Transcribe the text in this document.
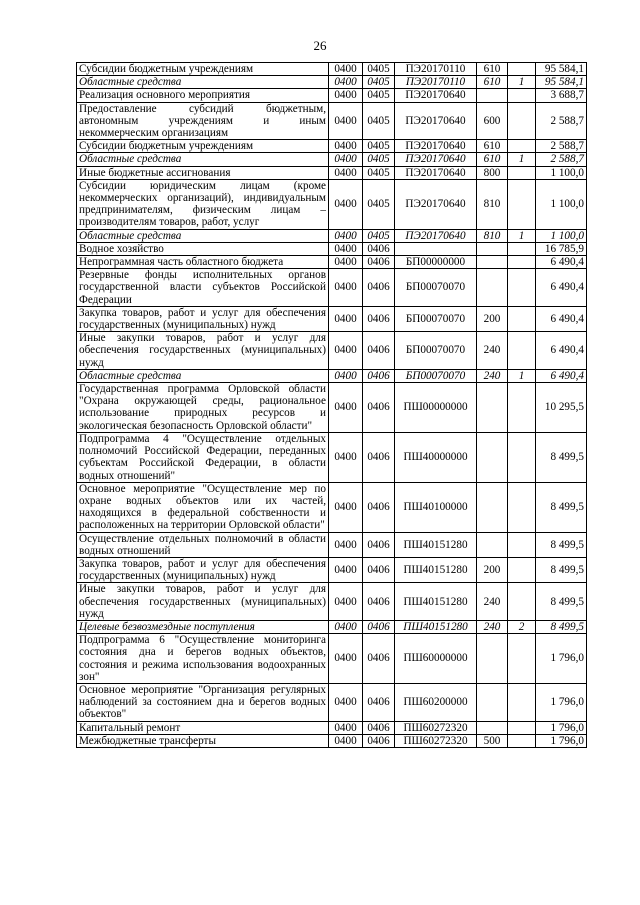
26
Субсидии бюджетным учреждениям	0400	0405	ПЭ20170110	610		95 584,1
Областные средства	0400	0405	ПЭ20170110	610	1	95 584,1
Реализация основного мероприятия	0400	0405	ПЭ20170640			3 688,7
Предоставление субсидий бюджетным, автономным учреждениям и иным некоммерческим организациям	0400	0405	ПЭ20170640	600		2 588,7
Субсидии бюджетным учреждениям	0400	0405	ПЭ20170640	610		2 588,7
Областные средства	0400	0405	ПЭ20170640	610	1	2 588,7
Иные бюджетные ассигнования	0400	0405	ПЭ20170640	800		1 100,0
Субсидии юридическим лицам (кроме некоммерческих организаций), индивидуальным предпринимателям, физическим лицам – производителям товаров, работ, услуг	0400	0405	ПЭ20170640	810		1 100,0
Областные средства	0400	0405	ПЭ20170640	810	1	1 100,0
Водное хозяйство	0400	0406				16 785,9
Непрограммная часть областного бюджета	0400	0406	БП00000000			6 490,4
Резервные фонды исполнительных органов государственной власти субъектов Российской Федерации	0400	0406	БП00070070			6 490,4
Закупка товаров, работ и услуг для обеспечения государственных (муниципальных) нужд	0400	0406	БП00070070	200		6 490,4
Иные закупки товаров, работ и услуг для обеспечения государственных (муниципальных) нужд	0400	0406	БП00070070	240		6 490,4
Областные средства	0400	0406	БП00070070	240	1	6 490,4
Государственная программа Орловской области "Охрана окружающей среды, рациональное использование природных ресурсов и экологическая безопасность Орловской области"	0400	0406	ПШ00000000			10 295,5
Подпрограмма 4 "Осуществление отдельных полномочий Российской Федерации, переданных субъектам Российской Федерации, в области водных отношений"	0400	0406	ПШ40000000			8 499,5
Основное мероприятие "Осуществление мер по охране водных объектов или их частей, находящихся в федеральной собственности и расположенных на территории Орловской области"	0400	0406	ПШ40100000			8 499,5
Осуществление отдельных полномочий в области водных отношений	0400	0406	ПШ40151280			8 499,5
Закупка товаров, работ и услуг для обеспечения государственных (муниципальных) нужд	0400	0406	ПШ40151280	200		8 499,5
Иные закупки товаров, работ и услуг для обеспечения государственных (муниципальных) нужд	0400	0406	ПШ40151280	240		8 499,5
Целевые безвозмездные поступления	0400	0406	ПШ40151280	240	2	8 499,5
Подпрограмма 6 "Осуществление мониторинга состояния дна и берегов водных объектов, состояния и режима использования водоохранных зон"	0400	0406	ПШ60000000			1 796,0
Основное мероприятие "Организация регулярных наблюдений за состоянием дна и берегов водных объектов"	0400	0406	ПШ60200000			1 796,0
Капитальный ремонт	0400	0406	ПШ60272320			1 796,0
Межбюджетные трансферты	0400	0406	ПШ60272320	500		1 796,0
